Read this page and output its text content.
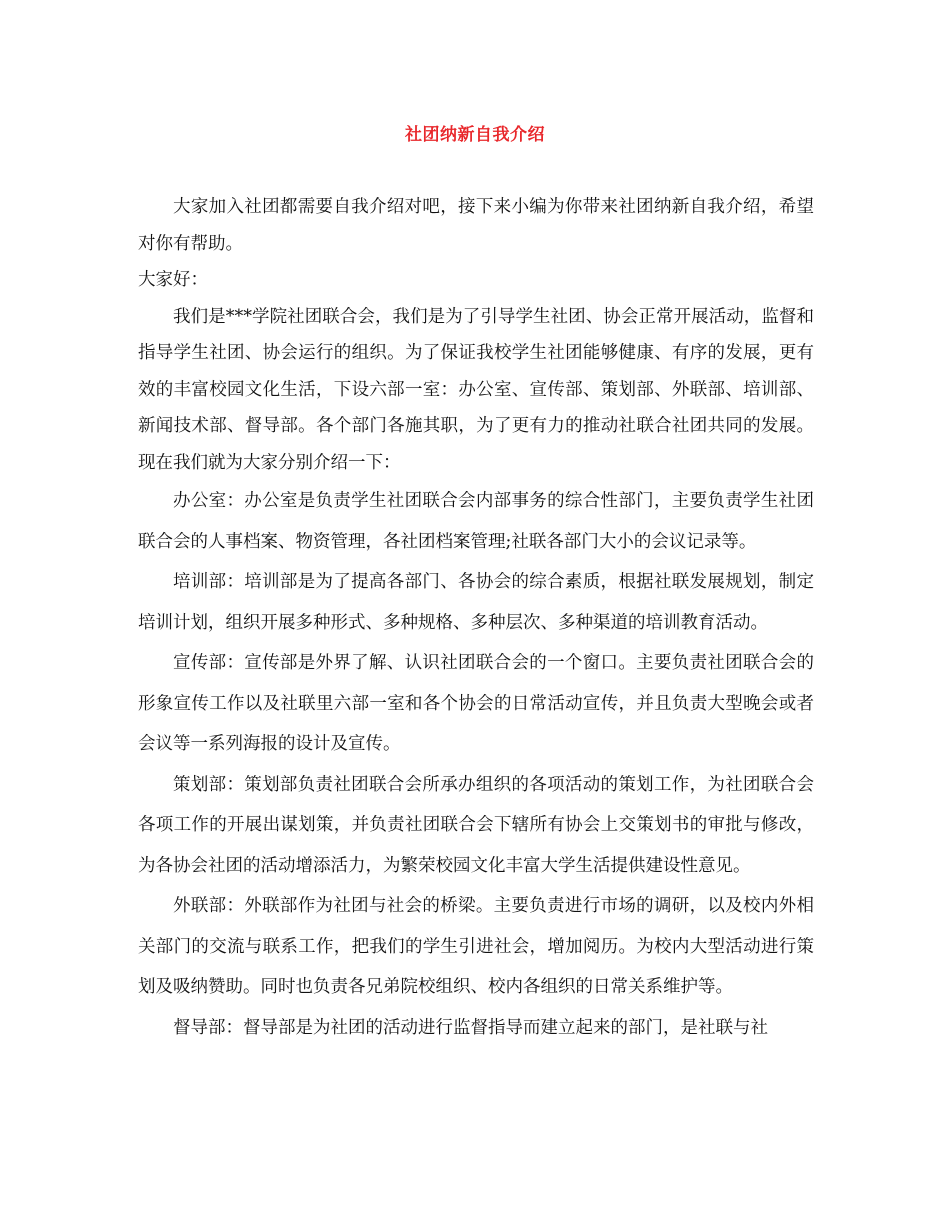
社团纳新自我介绍

大家加入社团都需要自我介绍对吧，接下来小编为你带来社团纳新自我介绍，希望对你有帮助。

大家好：

我们是***学院社团联合会，我们是为了引导学生社团、协会正常开展活动，监督和指导学生社团、协会运行的组织。为了保证我校学生社团能够健康、有序的发展，更有效的丰富校园文化生活，下设六部一室：办公室、宣传部、策划部、外联部、培训部、新闻技术部、督导部。各个部门各施其职，为了更有力的推动社联合社团共同的发展。现在我们就为大家分别介绍一下：

办公室：办公室是负责学生社团联合会内部事务的综合性部门，主要负责学生社团联合会的人事档案、物资管理，各社团档案管理;社联各部门大小的会议记录等。

培训部：培训部是为了提高各部门、各协会的综合素质，根据社联发展规划，制定培训计划，组织开展多种形式、多种规格、多种层次、多种渠道的培训教育活动。

宣传部：宣传部是外界了解、认识社团联合会的一个窗口。主要负责社团联合会的形象宣传工作以及社联里六部一室和各个协会的日常活动宣传，并且负责大型晚会或者会议等一系列海报的设计及宣传。

策划部：策划部负责社团联合会所承办组织的各项活动的策划工作，为社团联合会各项工作的开展出谋划策，并负责社团联合会下辖所有协会上交策划书的审批与修改，为各协会社团的活动增添活力，为繁荣校园文化丰富大学生活提供建设性意见。

外联部：外联部作为社团与社会的桥梁。主要负责进行市场的调研，以及校内外相关部门的交流与联系工作，把我们的学生引进社会，增加阅历。为校内大型活动进行策划及吸纳赞助。同时也负责各兄弟院校组织、校内各组织的日常关系维护等。

督导部：督导部是为社团的活动进行监督指导而建立起来的部门，是社联与社
